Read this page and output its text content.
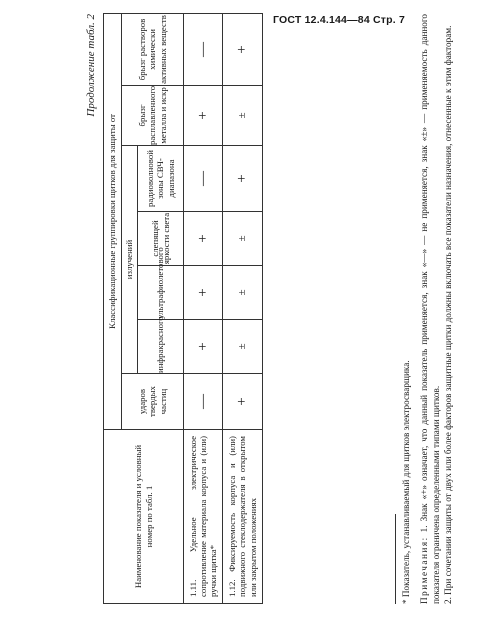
ГОСТ 12.4.144—84 Стр. 7
Продолжение табл. 2
Наименование показателя и условный номер по табл. 1	Классификационные группировки щитков для защиты от						
	ударов твердых частиц	излучений				брызг расплавленного металла и искр	брызг растворов химически активных веществ
		инфракрасного	ультрафиолетового	слепящей яркости света	радиоволновой зоны СВЧ-диапазона		
1.11. Удельное электрическое сопротивление материала корпуса и (или) ручки щитка*	—	+	+	+	—	+	—
1.12. Фиксируемость корпуса и (или) подвижного стеклодержателя в открытом или закрытом положениях	+	±	±	±	+	±	+

* Показатель, устанавливаемый для щитков электросварщика. Примечания: 1. Знак «+» означает, что данный показатель применяется, знак «—» — не применяется, знак «±» — применяемость данного показателя ограничена определенными типами щитков. 2. При сочетании защиты от двух или более факторов защитные щитки должны включать все показатели назначения, отнесенные к этим факторам.
